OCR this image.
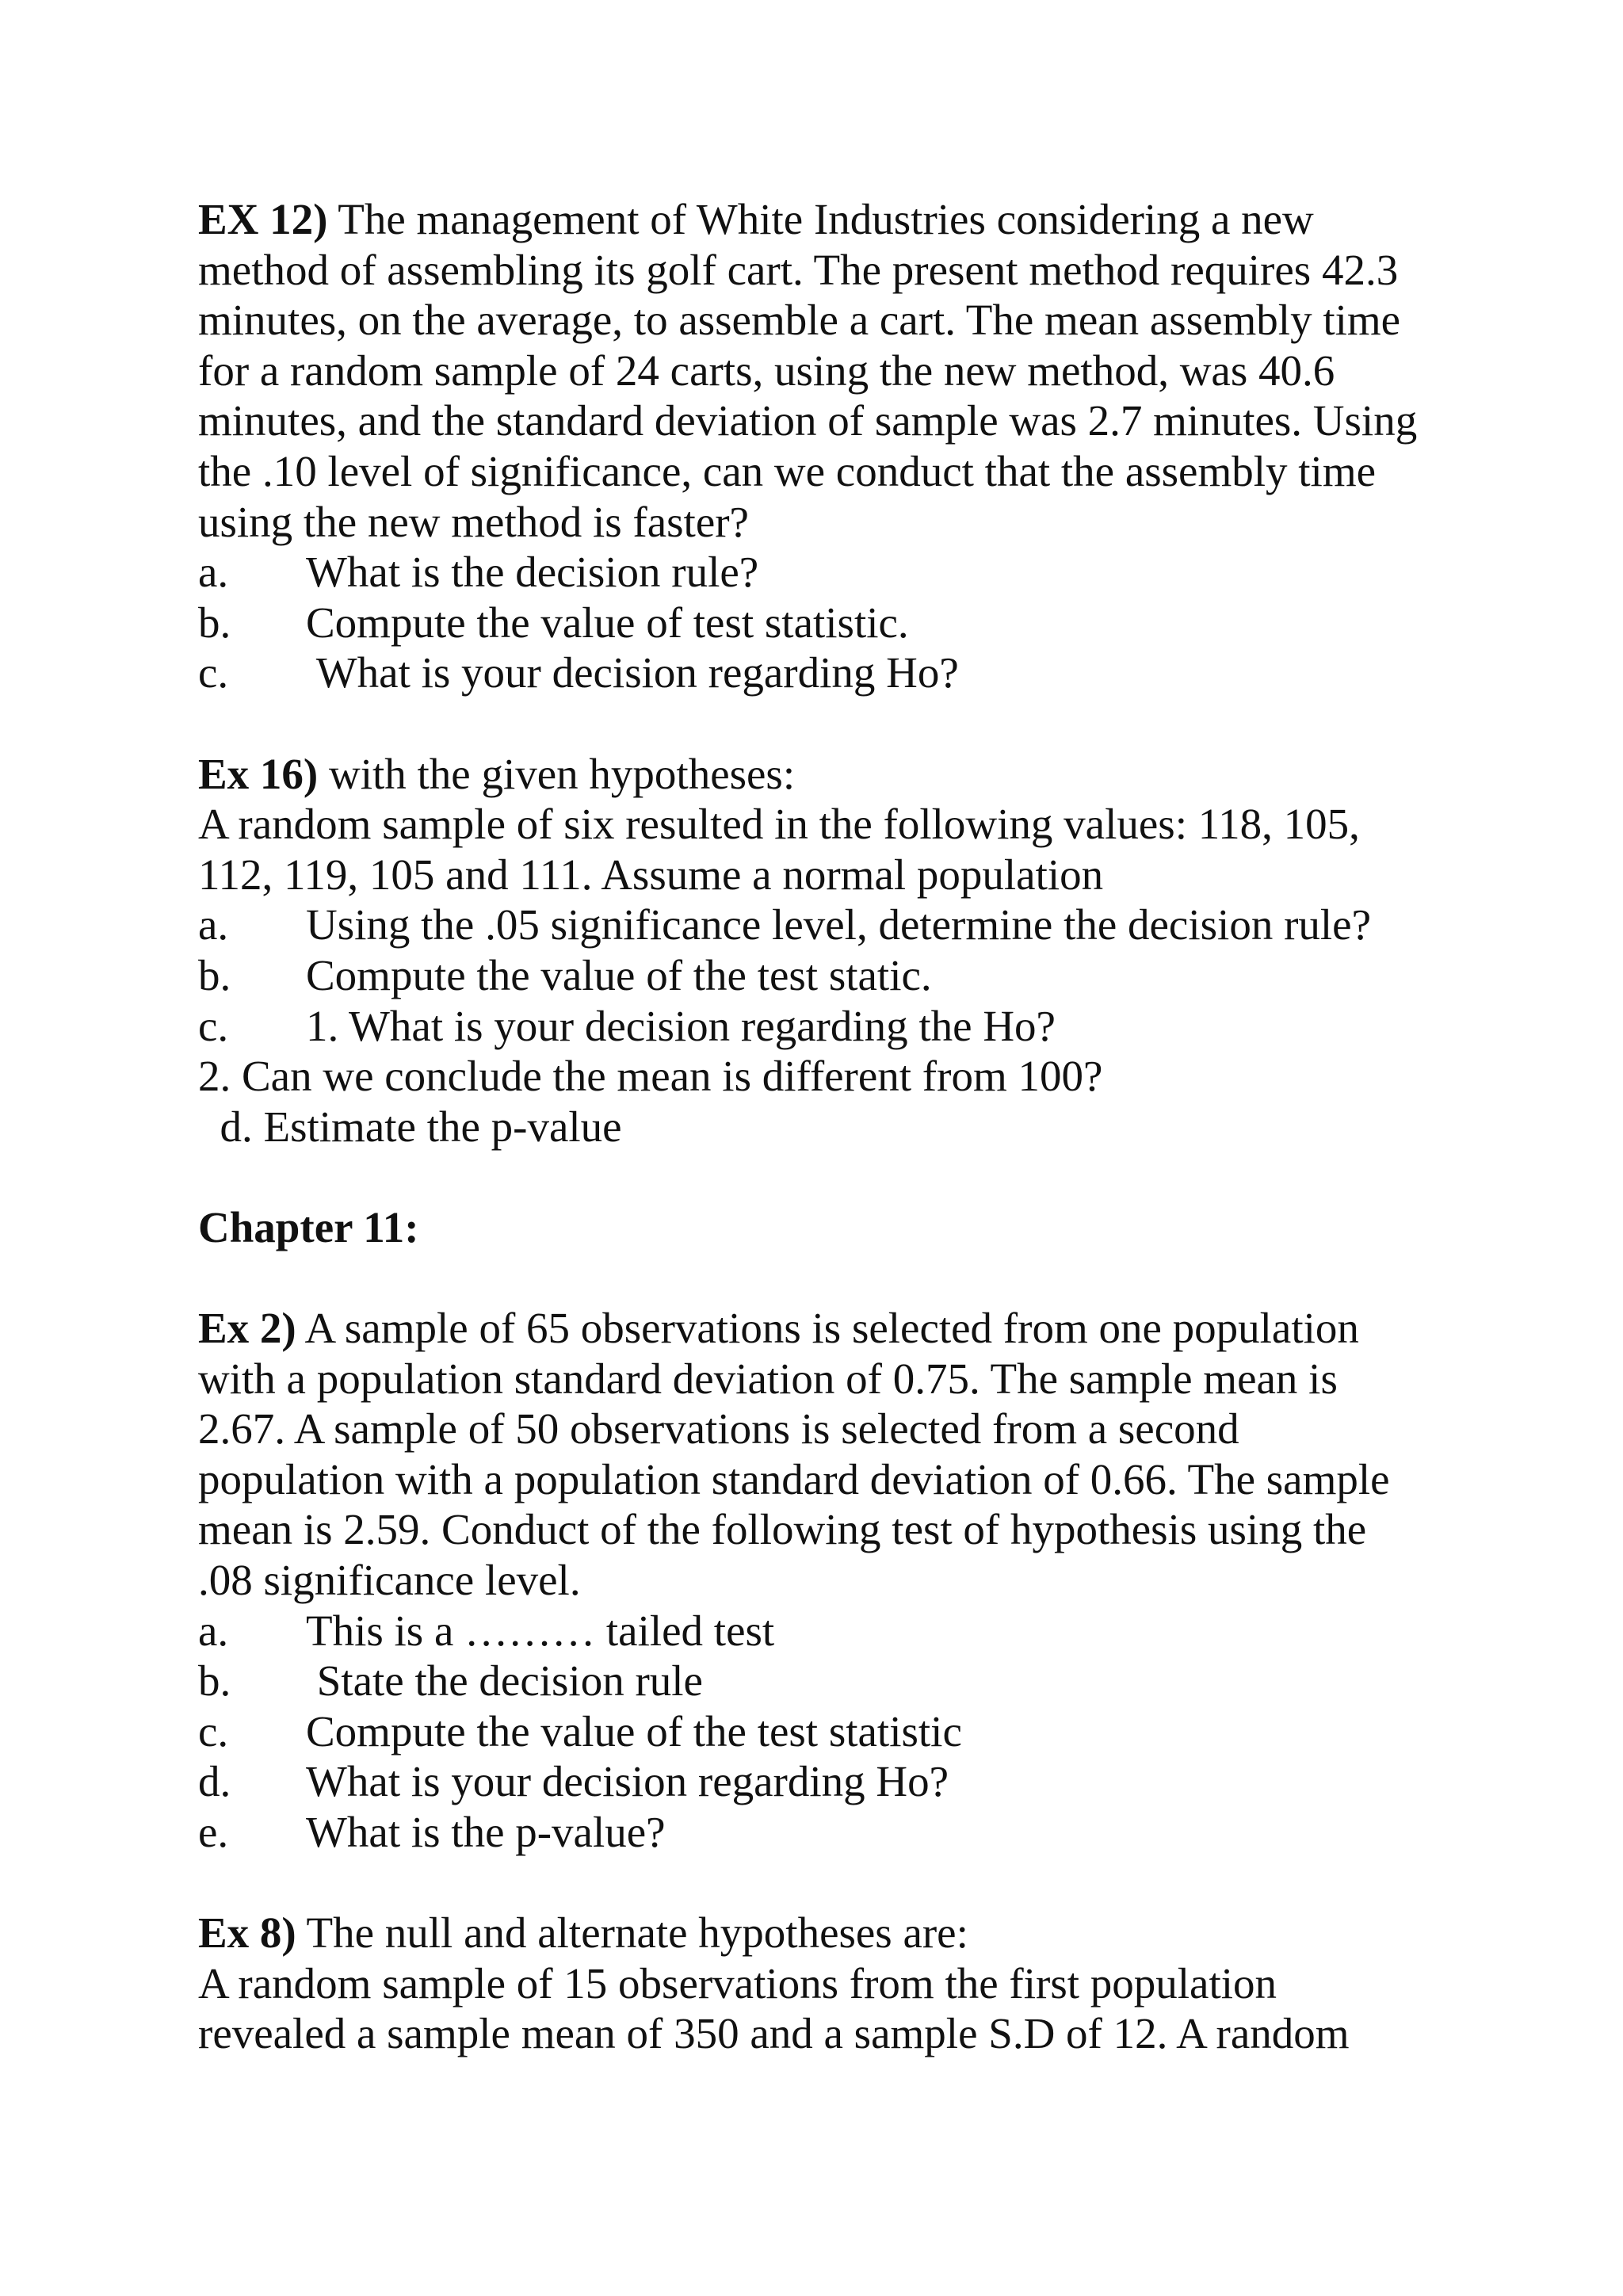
EX 12) The management of White Industries considering a new
method of assembling its golf cart. The present method requires 42.3
minutes, on the average, to assemble a cart. The mean assembly time
for a random sample of 24 carts, using the new method, was 40.6
minutes, and the standard deviation of sample was 2.7 minutes. Using
the .10 level of significance, can we conduct that the assembly time
using the new method is faster?
a. What is the decision rule?
b. Compute the value of test statistic.
c. What is your decision regarding Ho?
Ex 16) with the given hypotheses:
A random sample of six resulted in the following values: 118, 105,
112, 119, 105 and 111. Assume a normal population
a. Using the .05 significance level, determine the decision rule?
b. Compute the value of the test static.
c. 1. What is your decision regarding the Ho?
2. Can we conclude the mean is different from 100?
d. Estimate the p-value
Chapter 11:
Ex 2) A sample of 65 observations is selected from one population
with a population standard deviation of 0.75. The sample mean is
2.67. A sample of 50 observations is selected from a second
population with a population standard deviation of 0.66. The sample
mean is 2.59. Conduct of the following test of hypothesis using the
.08 significance level.
a. This is a ……… tailed test
b. State the decision rule
c. Compute the value of the test statistic
d. What is your decision regarding Ho?
e. What is the p-value?
Ex 8) The null and alternate hypotheses are:
A random sample of 15 observations from the first population
revealed a sample mean of 350 and a sample S.D of 12. A random
